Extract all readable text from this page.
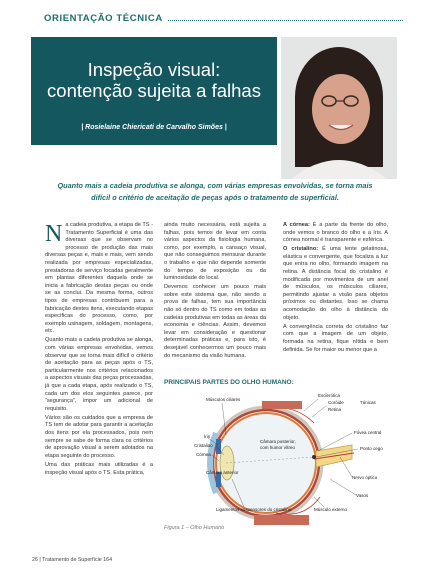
ORIENTAÇÃO TÉCNICA
Inspeção visual:
contenção sujeita a falhas
| Rosielaine Chiericati de Carvalho Simões |
Quanto mais a cadeia produtiva se alonga, com várias empresas envolvidas, se torna mais difícil o critério de aceitação de peças após o tratamento de superficial.

Na cadeia produtiva, a etapa de TS - Tratamento Superficial é uma das diversas que se observam no processo de produção das mais diversas peças e, mais e mais, vem sendo realizada por empresas especializadas, prestadoras de serviço focadas geralmente em plantas diferentes daquela onde se inicia a fabricação destas peças ou onde se as conclui. Da mesma forma, outros tipos de empresas contribuem para a fabricação destes itens, executando etapas específicas do processo, como, por exemplo usinagem, soldagem, montagens, etc.

Quanto mais a cadeia produtiva se alonga, com várias empresas envolvidas, vemos observar que se torna mais difícil o critério de aceitação para as peças após o TS, particularmente nos critérios relacionados a aspectos visuais das peças processadas, já que a cada etapa, após realizado o TS, cada um dos elos seguintes parece, por “segurança”, impor um adicional de requisito.

Vários são os cuidados que a empresa de TS tem de adotar para garantir a aceitação dos itens por ela processados, pois nem sempre se sabe de forma clara os critérios de aprovação visual a serem adotados na etapa seguinte do processo.

Uma das práticas mais utilizadas é a inspeção visual após o TS. Esta prática,

ainda muito necessária, está sujeita a falhas, pois temos de levar em conta vários aspectos da fisiologia humana, como, por exemplo, a cansaço visual, que não conseguimos mensurar durante o trabalho e que não depende somente do tempo de exposição ou da luminosidade do local.

Devemos conhecer um pouco mais sobre este sistema que, não sendo a prova de falhas, tem sua importância não só dentro do TS como em todas as cadeias produtivas em todas as áreas da economia e ciências. Assim, devemos levar em consideração e questionar determinadas práticas e, para isto, é desejável conhecermos um pouco mais do mecanismo da visão humana.

A córnea: É a parte da frente do olho, onde vemos o branco do olho e a íris. A córnea normal é transparente e esférica.

O cristalino: É uma lente gelatinosa, elástica e convergente, que focaliza a luz que entra no olho, formando imagem na retina. A distância focal do cristalino é modificada por movimentos de um anel de músculos, os músculos ciliares, permitindo ajustar a visão para objetos próximos ou distantes. Isso se chama acomodação do olho à distância do objeto.

A convergência correta do cristalino faz com que a imagem de um objeto, formada na retina, fique nítida e bem definida. Se for maior ou menor que a

PRINCIPAIS PARTES DO OLHO HUMANO:
Músculos ciliares
Esclerótica
Coróide
Retina
Túnicas
Íris
Cristalino
Córnea
Câmara posterior,
com humor vítreo
Fóvea central
Ponto cego
Câmara anterior
Nervo óptico
Vasos
Ligamentos suspensores do cristalino	Músculo externo
Figura 1 – Olho Humano
26 | Tratamento de Superfície 164
